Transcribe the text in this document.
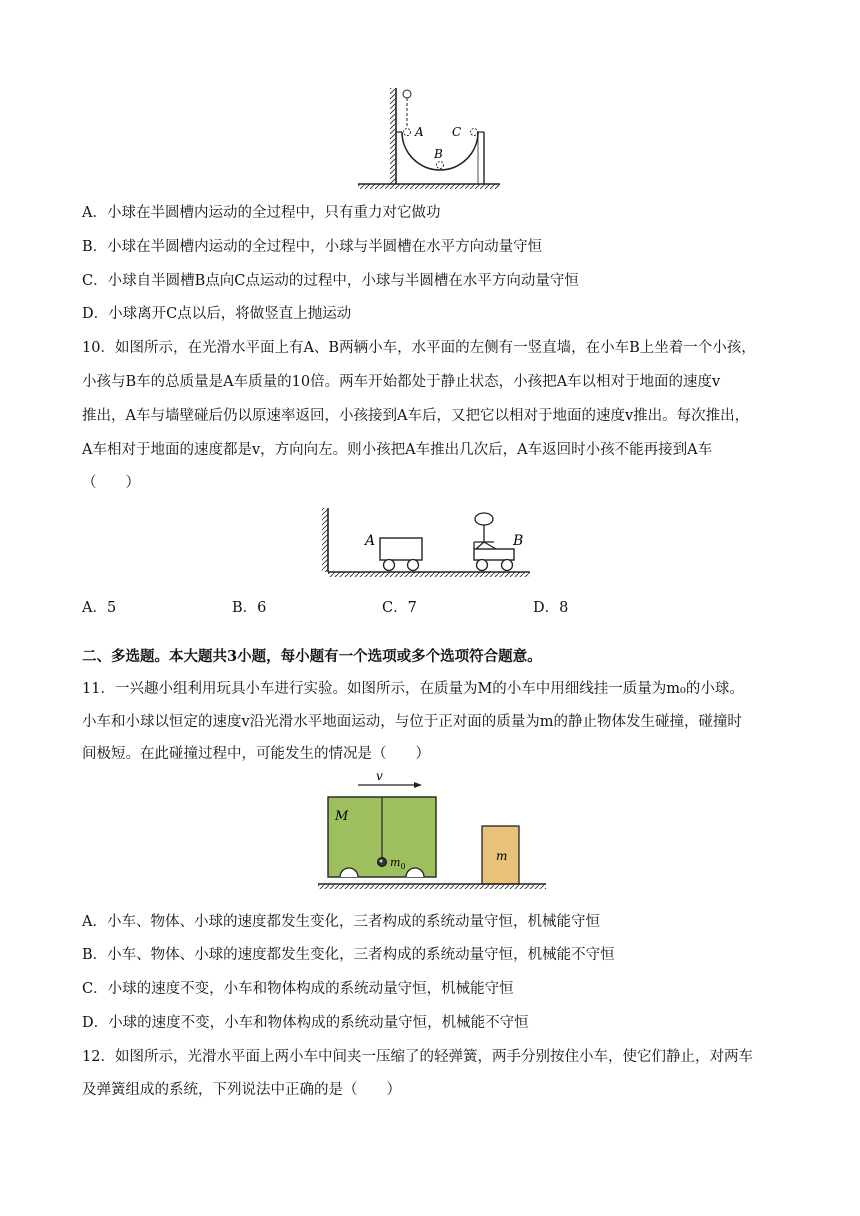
A
B
C
A．小球在半圆槽内运动的全过程中，只有重力对它做功
B．小球在半圆槽内运动的全过程中，小球与半圆槽在水平方向动量守恒
C．小球自半圆槽B点向C点运动的过程中，小球与半圆槽在水平方向动量守恒
D．小球离开C点以后，将做竖直上抛运动
10．如图所示，在光滑水平面上有A、B两辆小车，水平面的左侧有一竖直墙，在小车B上坐着一个小孩，
小孩与B车的总质量是A车质量的10倍。两车开始都处于静止状态，小孩把A车以相对于地面的速度v
推出，A车与墙壁碰后仍以原速率返回，小孩接到A车后，又把它以相对于地面的速度v推出。每次推出，
A车相对于地面的速度都是v，方向向左。则小孩把A车推出几次后，A车返回时小孩不能再接到A车
（　　）
A	B
A．5	B．6	C．7	D．8
二、多选题。本大题共3小题，每小题有一个选项或多个选项符合题意。
11．一兴趣小组利用玩具小车进行实验。如图所示，在质量为M的小车中用细线挂一质量为m₀的小球。
小车和小球以恒定的速度v沿光滑水平地面运动，与位于正对面的质量为m的静止物体发生碰撞，碰撞时
间极短。在此碰撞过程中，可能发生的情况是（　　）
v
M
$m_0$
m
A．小车、物体、小球的速度都发生变化，三者构成的系统动量守恒，机械能守恒
B．小车、物体、小球的速度都发生变化，三者构成的系统动量守恒，机械能不守恒
C．小球的速度不变，小车和物体构成的系统动量守恒，机械能守恒
D．小球的速度不变，小车和物体构成的系统动量守恒，机械能不守恒
12．如图所示，光滑水平面上两小车中间夹一压缩了的轻弹簧，两手分别按住小车，使它们静止，对两车
及弹簧组成的系统，下列说法中正确的是（　　）
